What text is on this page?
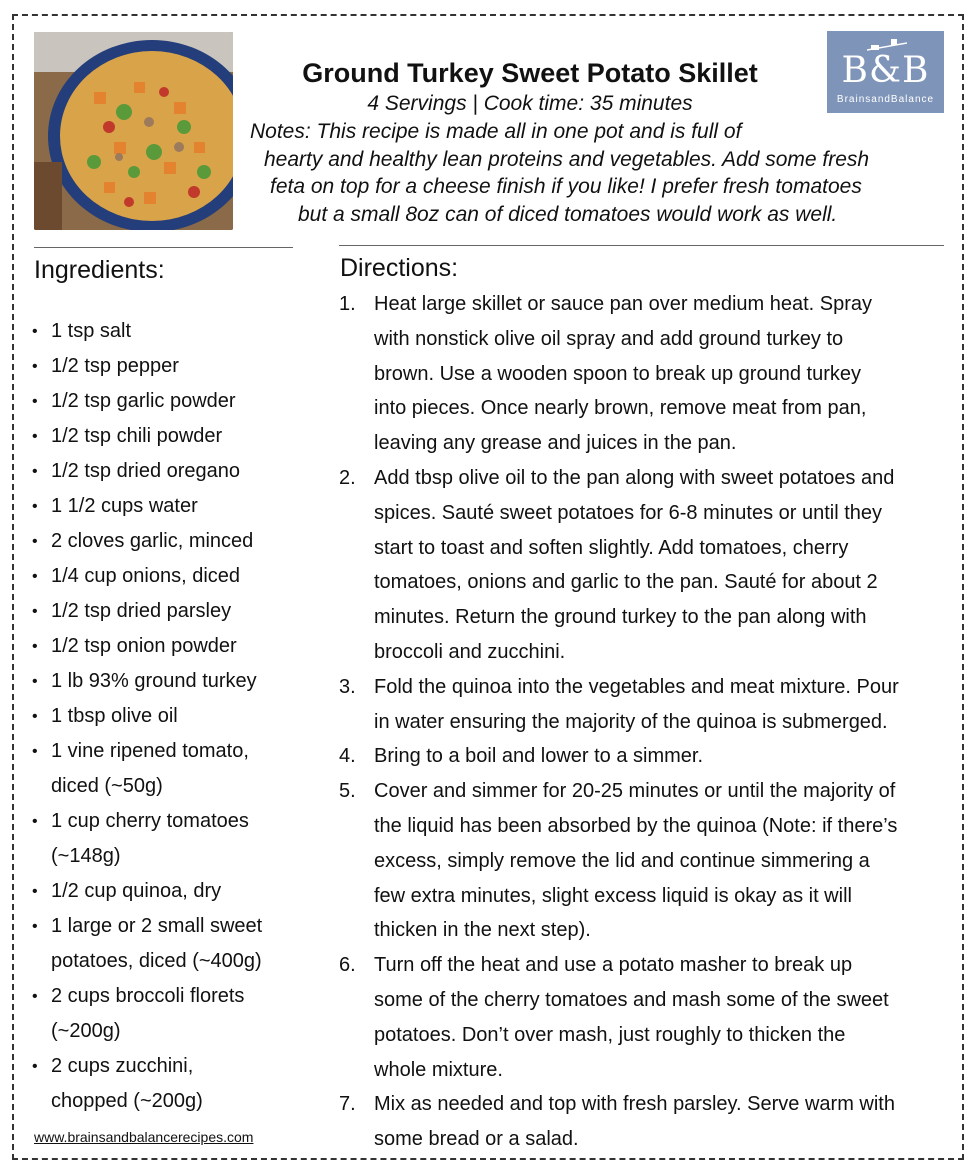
B&B
BrainsandBalance
Ground Turkey Sweet Potato Skillet
4 Servings | Cook time: 35 minutes
Notes: This recipe is made all in one pot and is full of
hearty and healthy lean proteins and vegetables. Add some fresh
feta on top for a cheese finish if you like! I prefer fresh tomatoes
but a small 8oz can of diced tomatoes would work as well.
Ingredients:	Directions:
• 1 tsp salt
• 1/2 tsp pepper
• 1/2 tsp garlic powder
• 1/2 tsp chili powder
• 1/2 tsp dried oregano
• 1 1/2 cups water
• 2 cloves garlic, minced
• 1/4 cup onions, diced
• 1/2 tsp dried parsley
• 1/2 tsp onion powder
• 1 lb 93% ground turkey
• 1 tbsp olive oil
• 1 vine ripened tomato,
diced (~50g)
• 1 cup cherry tomatoes
(~148g)
• 1/2 cup quinoa, dry
• 1 large or 2 small sweet
potatoes, diced (~400g)
• 2 cups broccoli florets
(~200g)
• 2 cups zucchini,
chopped (~200g)
1. Heat large skillet or sauce pan over medium heat. Spray
with nonstick olive oil spray and add ground turkey to
brown. Use a wooden spoon to break up ground turkey
into pieces. Once nearly brown, remove meat from pan,
leaving any grease and juices in the pan.
2. Add tbsp olive oil to the pan along with sweet potatoes and
spices. Sauté sweet potatoes for 6-8 minutes or until they
start to toast and soften slightly. Add tomatoes, cherry
tomatoes, onions and garlic to the pan. Sauté for about 2
minutes. Return the ground turkey to the pan along with
broccoli and zucchini.
3. Fold the quinoa into the vegetables and meat mixture. Pour
in water ensuring the majority of the quinoa is submerged.
4. Bring to a boil and lower to a simmer.
5. Cover and simmer for 20-25 minutes or until the majority of
the liquid has been absorbed by the quinoa (Note: if there’s
excess, simply remove the lid and continue simmering a
few extra minutes, slight excess liquid is okay as it will
thicken in the next step).
6. Turn off the heat and use a potato masher to break up
some of the cherry tomatoes and mash some of the sweet
potatoes. Don’t over mash, just roughly to thicken the
whole mixture.
7. Mix as needed and top with fresh parsley. Serve warm with
some bread or a salad.
www.brainsandbalancerecipes.com
